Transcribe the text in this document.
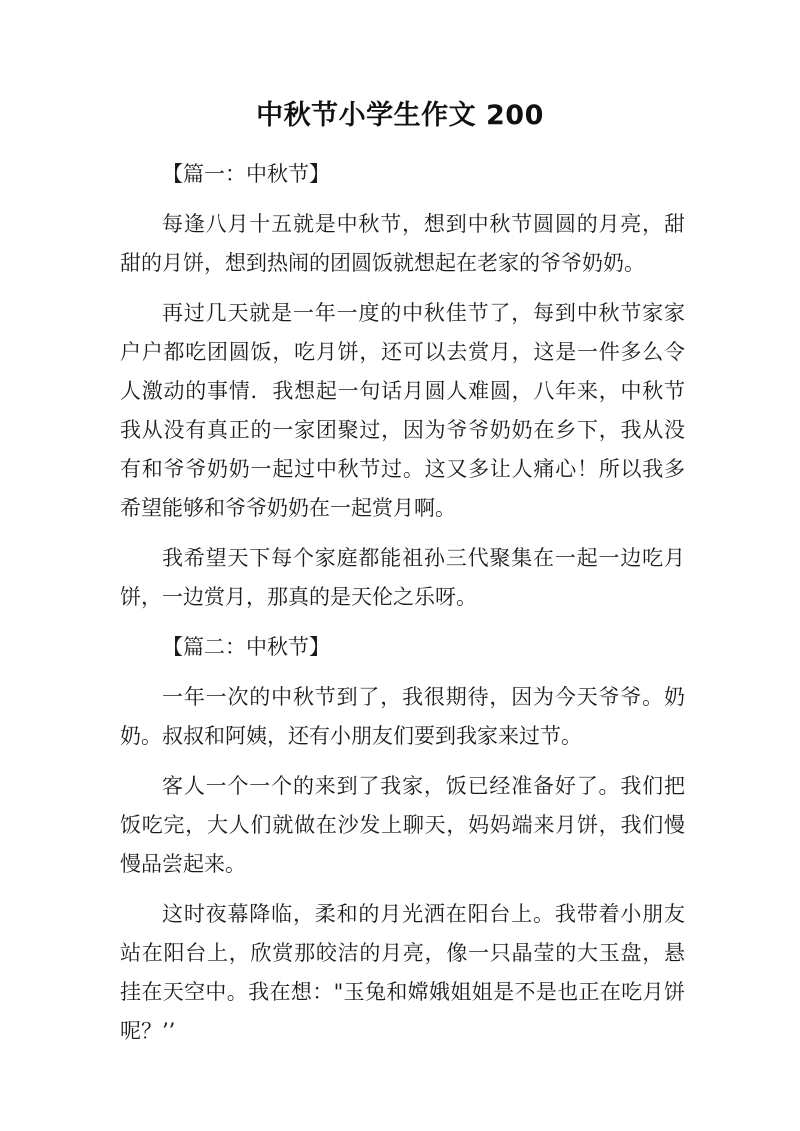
中秋节小学生作文 200
【篇一：中秋节】
每逢八月十五就是中秋节，想到中秋节圆圆的月亮，甜甜的月饼，想到热闹的团圆饭就想起在老家的爷爷奶奶。
再过几天就是一年一度的中秋佳节了，每到中秋节家家户户都吃团圆饭，吃月饼，还可以去赏月，这是一件多么令人激动的事情．我想起一句话月圆人难圆，八年来，中秋节我从没有真正的一家团聚过，因为爷爷奶奶在乡下，我从没有和爷爷奶奶一起过中秋节过。这又多让人痛心！所以我多希望能够和爷爷奶奶在一起赏月啊。
我希望天下每个家庭都能祖孙三代聚集在一起一边吃月饼，一边赏月，那真的是天伦之乐呀。
【篇二：中秋节】
一年一次的中秋节到了，我很期待，因为今天爷爷。奶奶。叔叔和阿姨，还有小朋友们要到我家来过节。
客人一个一个的来到了我家，饭已经准备好了。我们把饭吃完，大人们就做在沙发上聊天，妈妈端来月饼，我们慢慢品尝起来。
这时夜幕降临，柔和的月光洒在阳台上。我带着小朋友站在阳台上，欣赏那皎洁的月亮，像一只晶莹的大玉盘，悬挂在天空中。我在想："玉兔和嫦娥姐姐是不是也正在吃月饼呢？’’
